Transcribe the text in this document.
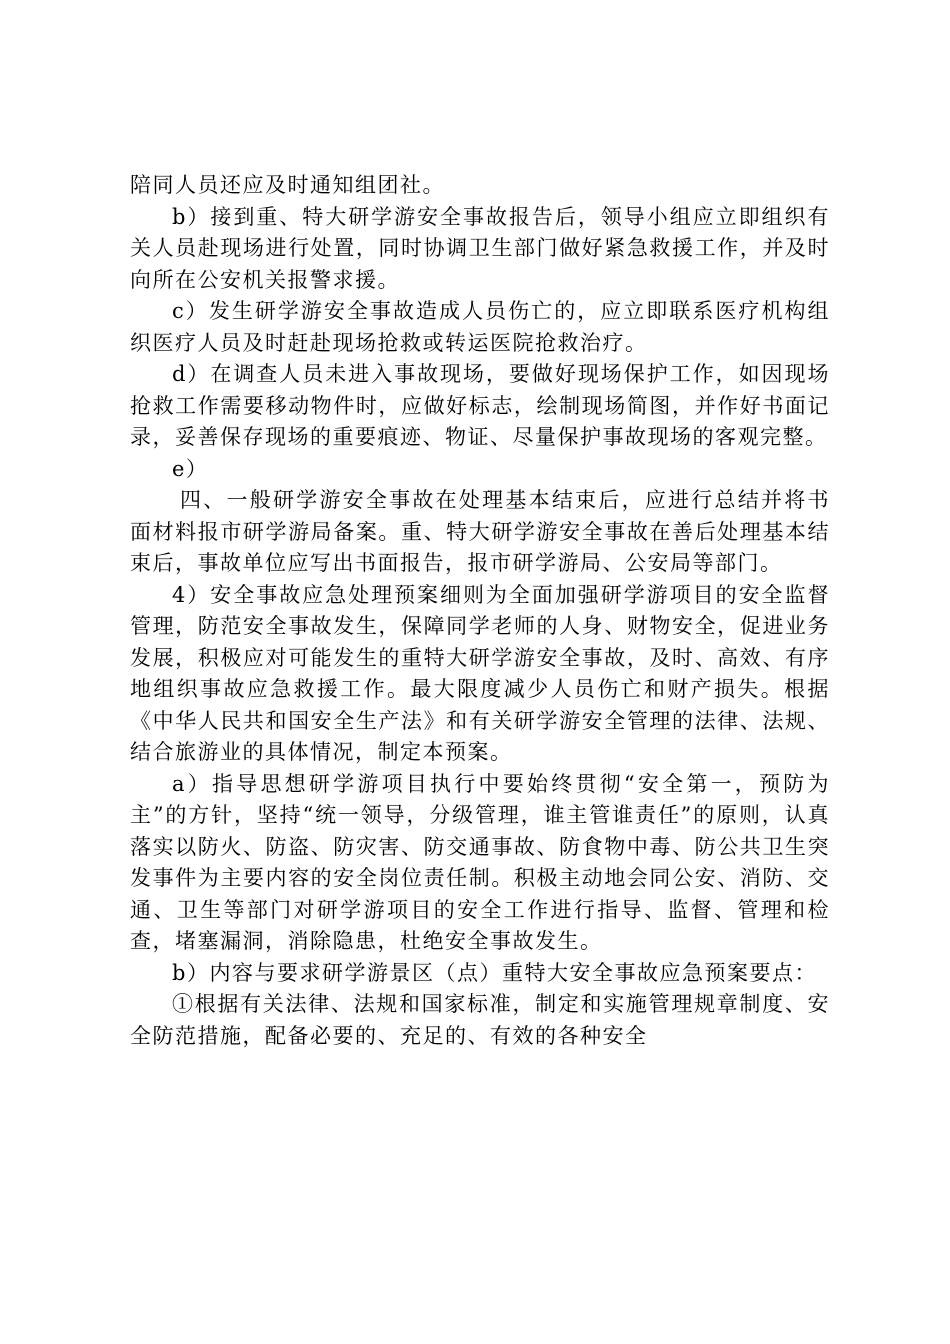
陪同人员还应及时通知组团社。

b）接到重、特大研学游安全事故报告后，领导小组应立即组织有关人员赴现场进行处置，同时协调卫生部门做好紧急救援工作，并及时向所在公安机关报警求援。

c）发生研学游安全事故造成人员伤亡的，应立即联系医疗机构组织医疗人员及时赶赴现场抢救或转运医院抢救治疗。

d）在调查人员未进入事故现场，要做好现场保护工作，如因现场抢救工作需要移动物件时，应做好标志，绘制现场简图，并作好书面记录，妥善保存现场的重要痕迹、物证、尽量保护事故现场的客观完整。

e）

四、一般研学游安全事故在处理基本结束后，应进行总结并将书面材料报市研学游局备案。重、特大研学游安全事故在善后处理基本结束后，事故单位应写出书面报告，报市研学游局、公安局等部门。

4）安全事故应急处理预案细则为全面加强研学游项目的安全监督管理，防范安全事故发生，保障同学老师的人身、财物安全，促进业务发展，积极应对可能发生的重特大研学游安全事故，及时、高效、有序地组织事故应急救援工作。最大限度减少人员伤亡和财产损失。根据《中华人民共和国安全生产法》和有关研学游安全管理的法律、法规、结合旅游业的具体情况，制定本预案。

a）指导思想研学游项目执行中要始终贯彻“安全第一，预防为主”的方针，坚持“统一领导，分级管理，谁主管谁责任”的原则，认真落实以防火、防盗、防灾害、防交通事故、防食物中毒、防公共卫生突发事件为主要内容的安全岗位责任制。积极主动地会同公安、消防、交通、卫生等部门对研学游项目的安全工作进行指导、监督、管理和检查，堵塞漏洞，消除隐患，杜绝安全事故发生。

b）内容与要求研学游景区（点）重特大安全事故应急预案要点：

①根据有关法律、法规和国家标准，制定和实施管理规章制度、安全防范措施，配备必要的、充足的、有效的各种安全
